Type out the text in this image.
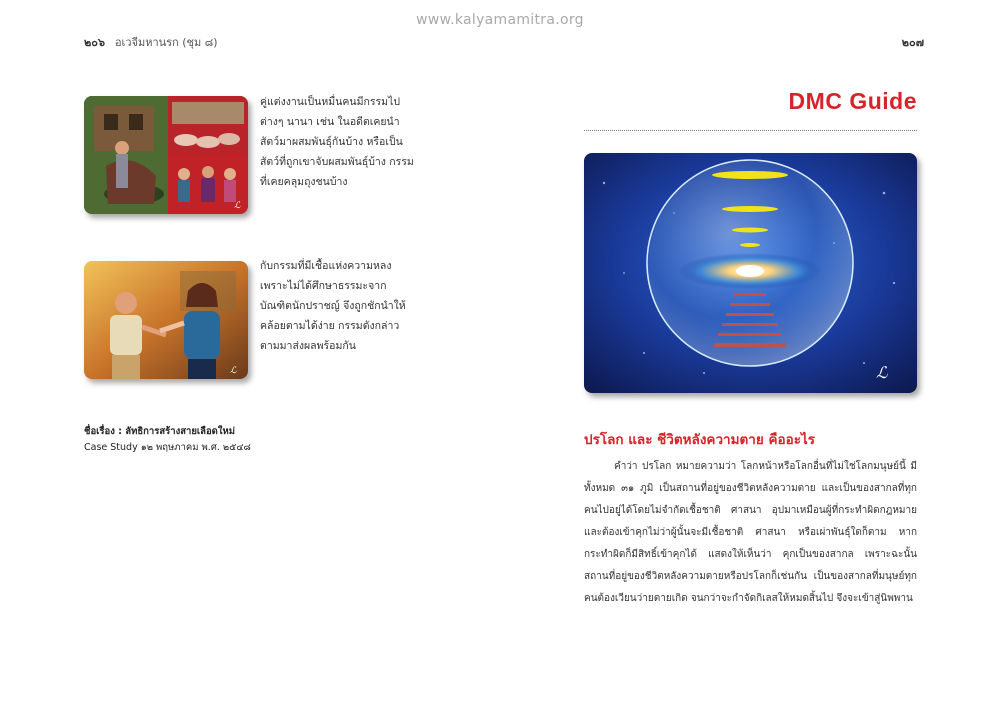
www.kalyamamitra.org
๒๐๖ อเวจีมหานรก (ชุม ๘)	๒๐๗
ℒ
คู่แต่งงานเป็นหมื่นคนมีกรรมไปต่างๆ นานา เช่น ในอดีตเคยนำสัตว์มาผสมพันธุ์กันบ้าง หรือเป็นสัตว์ที่ถูกเขาจับผสมพันธุ์บ้าง กรรมที่เคยคลุมถุงชนบ้าง
ℒ
กับกรรมที่มีเชื้อแห่งความหลงเพราะไม่ได้ศึกษาธรรมะจากบัณฑิตนักปราชญ์ จึงถูกชักนำให้คล้อยตามได้ง่าย กรรมดังกล่าวตามมาส่งผลพร้อมกัน
ชื่อเรื่อง : ลัทธิการสร้างสายเลือดใหม่
Case Study ๑๒ พฤษภาคม พ.ศ. ๒๕๔๘
DMC Guide
ℒ
ปรโลก และ ชีวิตหลังความตาย คืออะไร
คำว่า ปรโลก หมายความว่า โลกหน้าหรือโลกอื่นที่ไม่ใช่โลกมนุษย์นี้ มีทั้งหมด ๓๑ ภูมิ เป็นสถานที่อยู่ของชีวิตหลังความตาย และเป็นของสากลที่ทุกคนไปอยู่ได้โดยไม่จำกัดเชื้อชาติ ศาสนา อุปมาเหมือนผู้ที่กระทำผิดกฎหมาย และต้องเข้าคุกไม่ว่าผู้นั้นจะมีเชื้อชาติ ศาสนา หรือเผ่าพันธุ์ใดก็ตาม หากกระทำผิดก็มีสิทธิ์เข้าคุกได้ แสดงให้เห็นว่า คุกเป็นของสากล เพราะฉะนั้น สถานที่อยู่ของชีวิตหลังความตายหรือปรโลกก็เช่นกัน เป็นของสากลที่มนุษย์ทุกคนต้องเวียนว่ายตายเกิด จนกว่าจะกำจัดกิเลสให้หมดสิ้นไป จึงจะเข้าสู่นิพพาน
